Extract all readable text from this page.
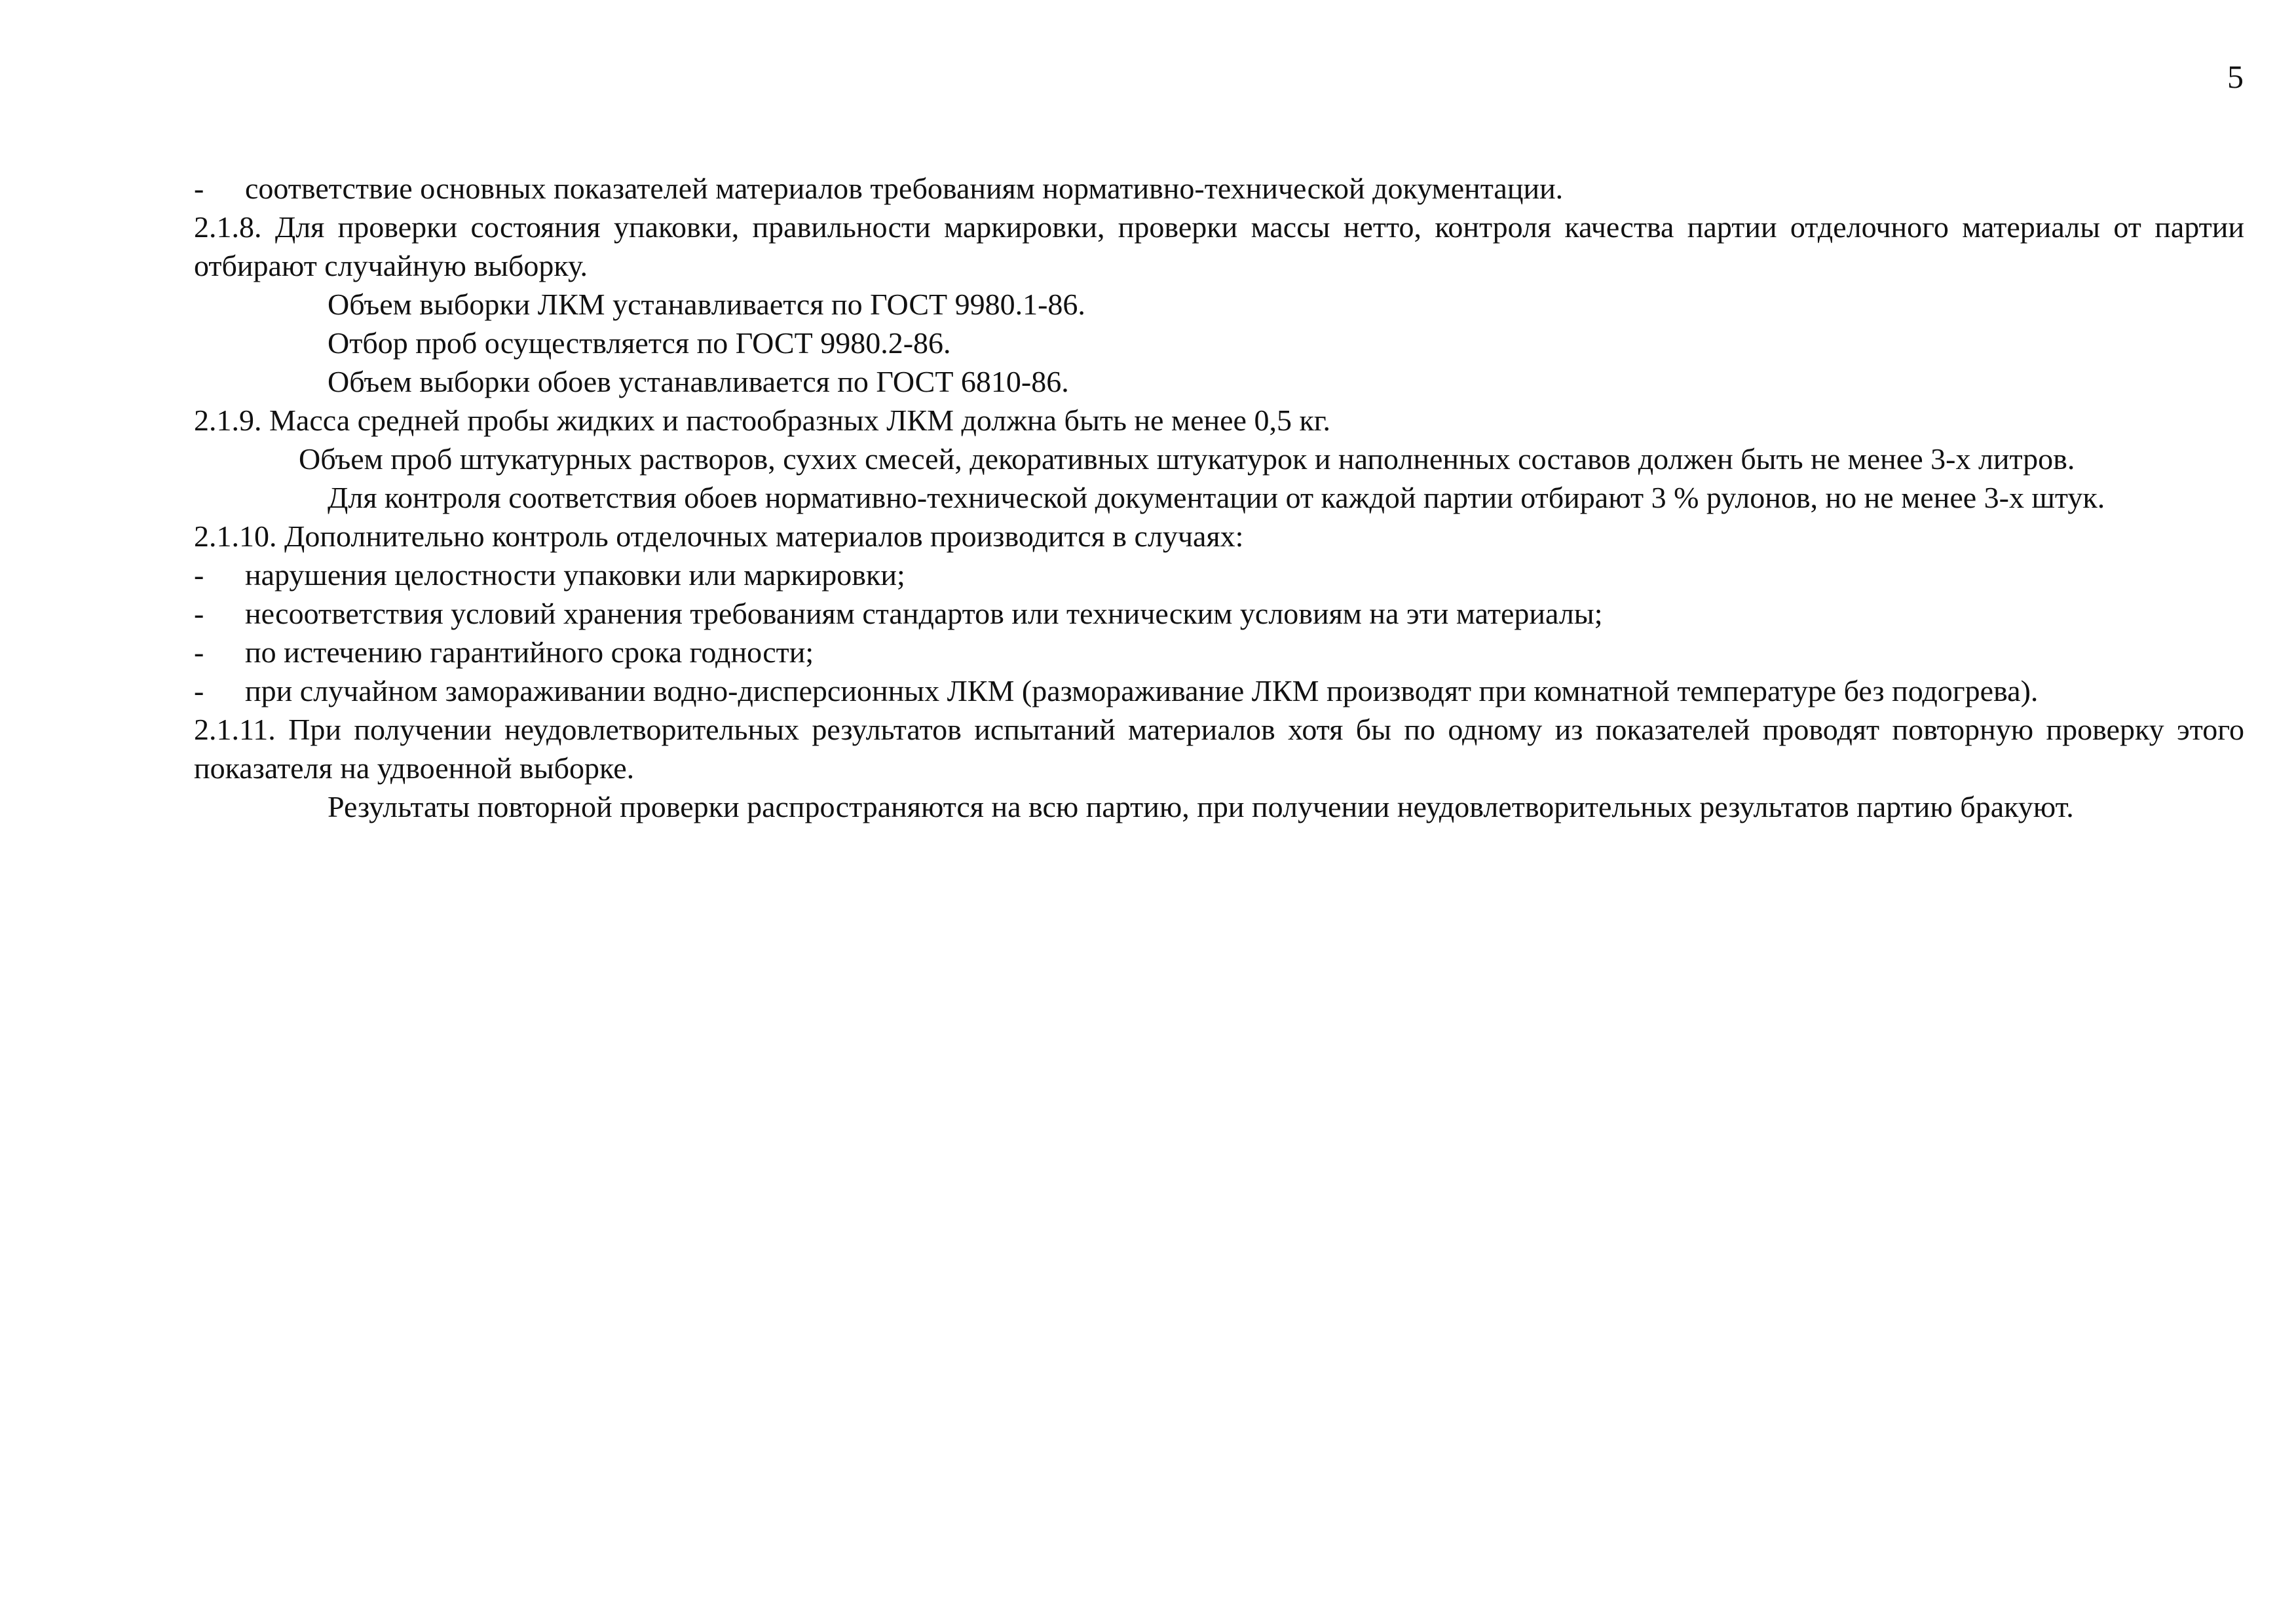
5
-	соответствие основных показателей материалов требованиям нормативно-технической документации.

2.1.8. Для проверки состояния упаковки, правильности маркировки, проверки массы нетто, контроля качества партии отделочного материалы от партии отбирают случайную выборку.

Объем выборки ЛКМ устанавливается по ГОСТ 9980.1-86.

Отбор проб осуществляется по ГОСТ 9980.2-86.

Объем выборки обоев устанавливается по ГОСТ 6810-86.

2.1.9. Масса средней пробы жидких и пастообразных ЛКМ должна быть не менее 0,5 кг.

Объем проб штукатурных растворов, сухих смесей, декоративных штукатурок и наполненных составов должен быть не менее 3-х литров.

Для контроля соответствия обоев нормативно-технической документации от каждой партии отбирают 3 % рулонов, но не менее 3-х штук.

2.1.10. Дополнительно контроль отделочных материалов производится в случаях:

-	нарушения целостности упаковки или маркировки;
-	несоответствия условий хранения требованиям стандартов или техническим условиям на эти материалы;
-	по истечению гарантийного срока годности;
-	при случайном замораживании водно-дисперсионных ЛКМ (размораживание ЛКМ производят при комнатной температуре без подогрева).

2.1.11. При получении неудовлетворительных результатов испытаний материалов хотя бы по одному из показателей проводят повторную проверку этого показателя на удвоенной выборке.

Результаты повторной проверки распространяются на всю партию, при получении неудовлетворительных результатов партию бракуют.
